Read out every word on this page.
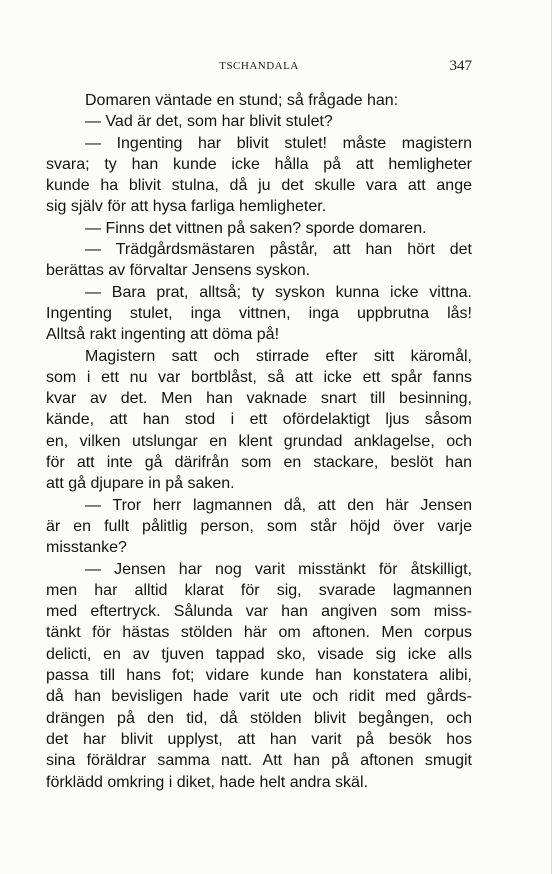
TSCHANDALA	347
Domaren väntade en stund; så frågade han:
— Vad är det, som har blivit stulet?
— Ingenting har blivit stulet! måste magistern
svara; ty han kunde icke hålla på att hemligheter
kunde ha blivit stulna, då ju det skulle vara att ange
sig själv för att hysa farliga hemligheter.
— Finns det vittnen på saken? sporde domaren.
— Trädgårdsmästaren påstår, att han hört det
berättas av förvaltar Jensens syskon.
— Bara prat, alltså; ty syskon kunna icke vittna.
Ingenting stulet, inga vittnen, inga uppbrutna lås!
Alltså rakt ingenting att döma på!
Magistern satt och stirrade efter sitt käromål,
som i ett nu var bortblåst, så att icke ett spår fanns
kvar av det. Men han vaknade snart till besinning,
kände, att han stod i ett ofördelaktigt ljus såsom
en, vilken utslungar en klent grundad anklagelse, och
för att inte gå därifrån som en stackare, beslöt han
att gå djupare in på saken.
— Tror herr lagmannen då, att den här Jensen
är en fullt pålitlig person, som står höjd över varje
misstanke?
— Jensen har nog varit misstänkt för åtskilligt,
men har alltid klarat för sig, svarade lagmannen
med eftertryck. Sålunda var han angiven som miss-
tänkt för hästas stölden här om aftonen. Men corpus
delicti, en av tjuven tappad sko, visade sig icke alls
passa till hans fot; vidare kunde han konstatera alibi,
då han bevisligen hade varit ute och ridit med gårds-
drängen på den tid, då stölden blivit begången, och
det har blivit upplyst, att han varit på besök hos
sina föräldrar samma natt. Att han på aftonen smugit
förklädd omkring i diket, hade helt andra skäl.
